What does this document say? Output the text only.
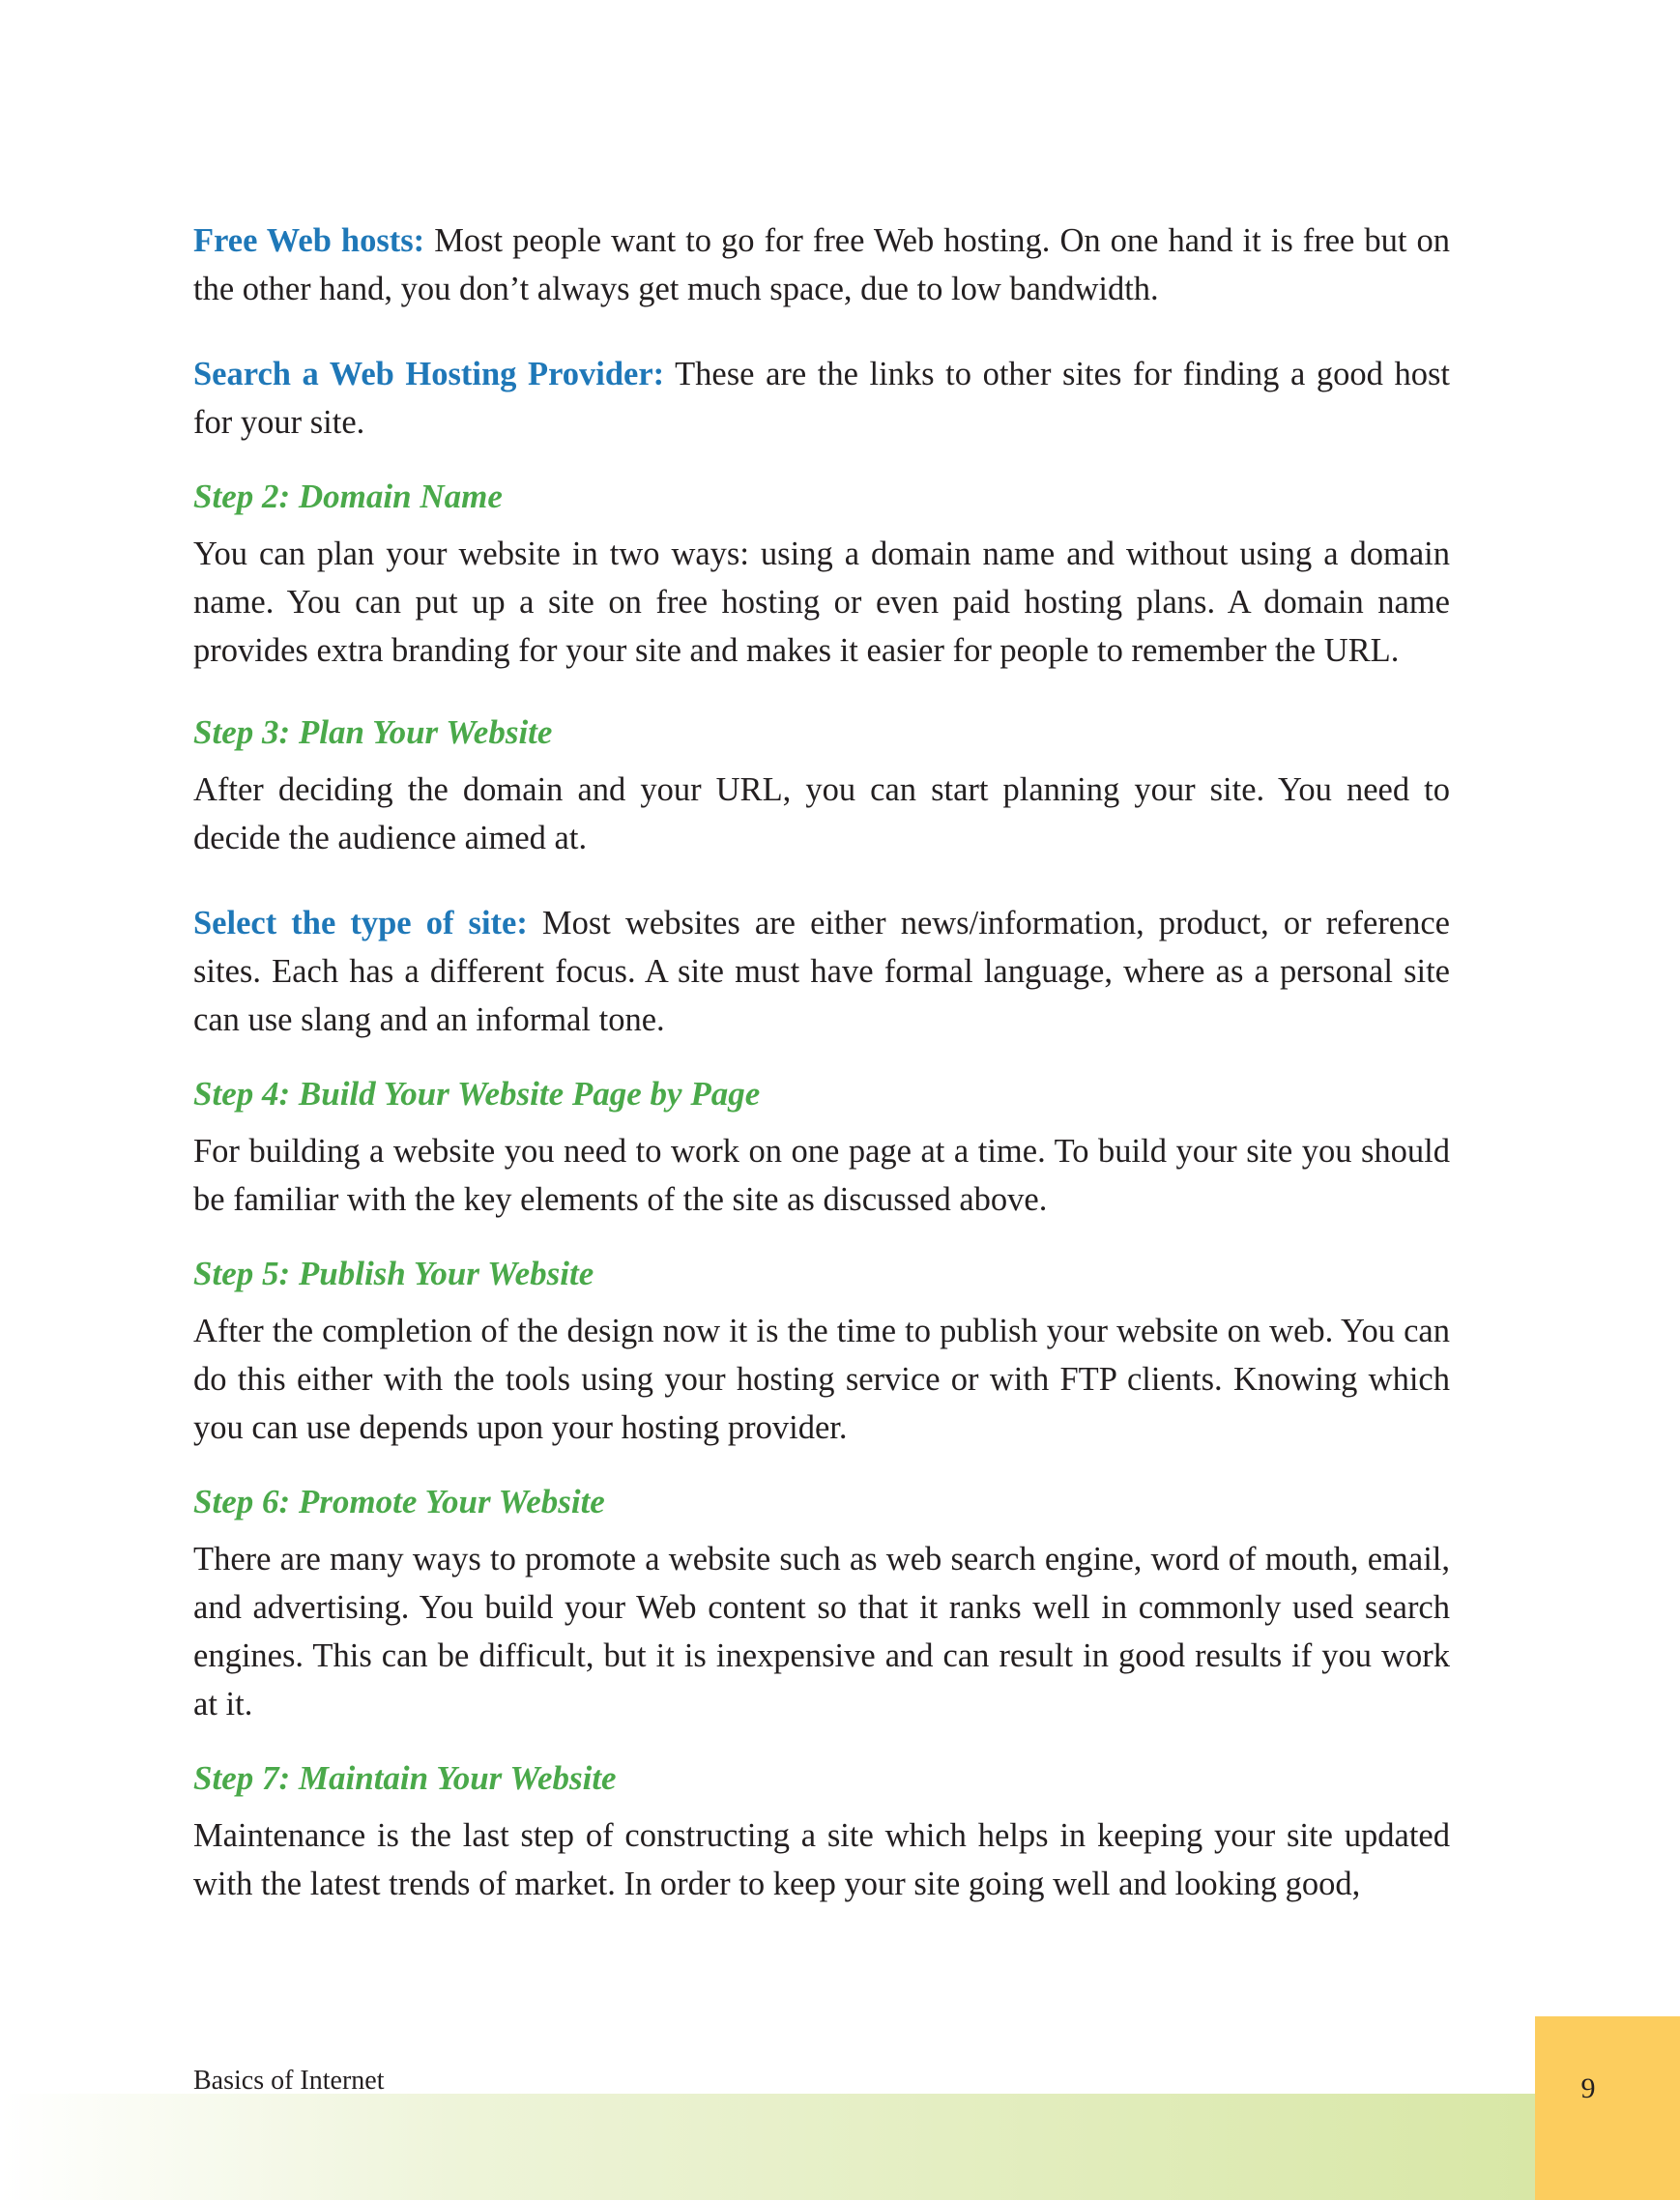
Free Web hosts: Most people want to go for free Web hosting. On one hand it is free but on the other hand, you don’t always get much space, due to low bandwidth.

Search a Web Hosting Provider: These are the links to other sites for finding a good host for your site.

Step 2: Domain Name

You can plan your website in two ways: using a domain name and without using a domain name. You can put up a site on free hosting or even paid hosting plans. A domain name provides extra branding for your site and makes it easier for people to remember the URL.

Step 3: Plan Your Website

After deciding the domain and your URL, you can start planning your site. You need to decide the audience aimed at.

Select the type of site: Most websites are either news/information, product, or reference sites. Each has a different focus. A site must have formal language, where as a personal site can use slang and an informal tone.

Step 4: Build Your Website Page by Page

For building a website you need to work on one page at a time. To build your site you should be familiar with the key elements of the site as discussed above.

Step 5: Publish Your Website

After the completion of the design now it is the time to publish your website on web. You can do this either with the tools using your hosting service or with FTP clients. Knowing which you can use depends upon your hosting provider.

Step 6: Promote Your Website

There are many ways to promote a website such as web search engine, word of mouth, email, and advertising. You build your Web content so that it ranks well in commonly used search engines. This can be difficult, but it is inexpensive and can result in good results if you work at it.

Step 7: Maintain Your Website

Maintenance is the last step of constructing a site which helps in keeping your site updated with the latest trends of market. In order to keep your site going well and looking good,

Basics of Internet	9
